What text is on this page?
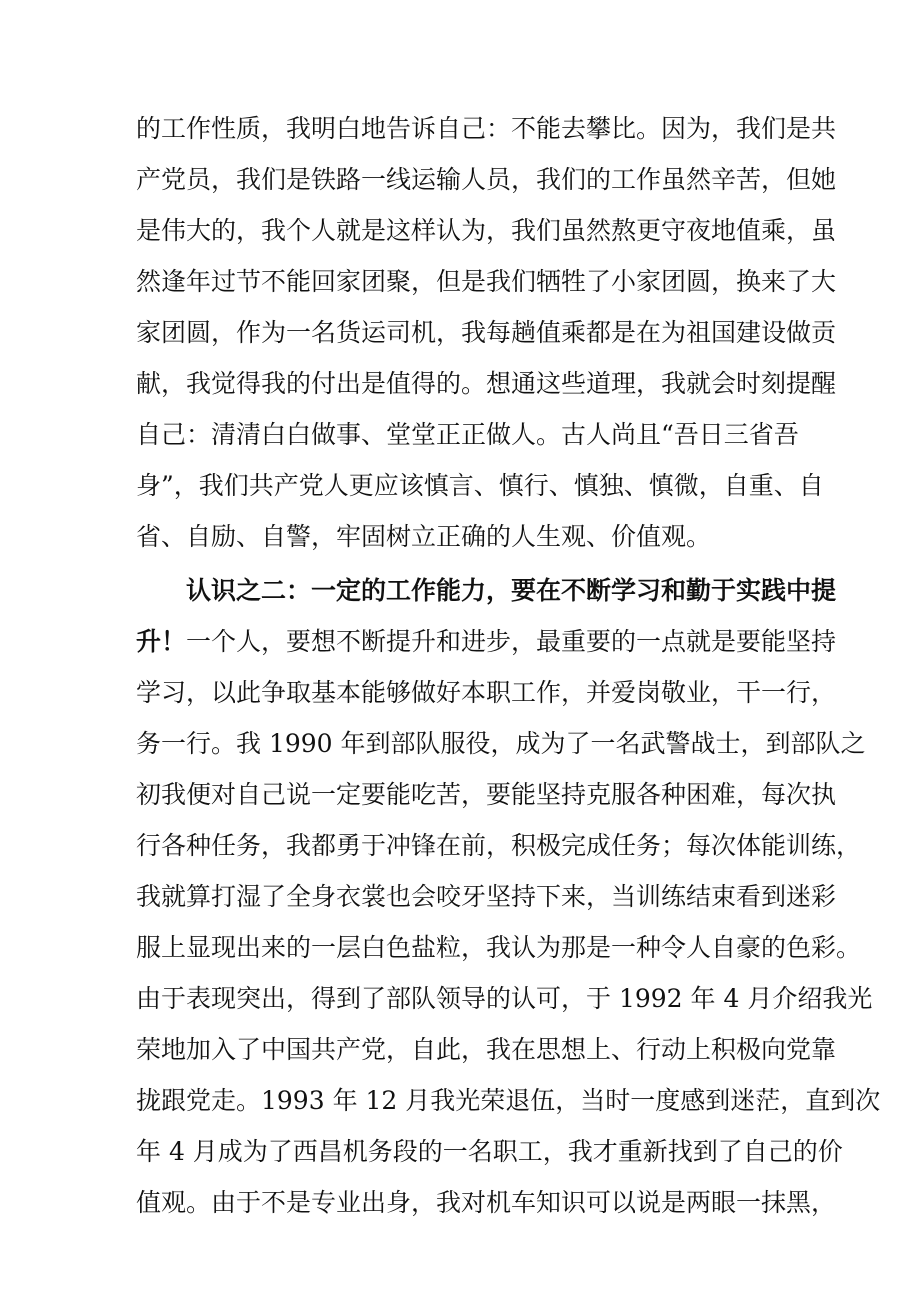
的工作性质，我明白地告诉自己：不能去攀比。因为，我们是共
产党员，我们是铁路一线运输人员，我们的工作虽然辛苦，但她
是伟大的，我个人就是这样认为，我们虽然熬更守夜地值乘，虽
然逢年过节不能回家团聚，但是我们牺牲了小家团圆，换来了大
家团圆，作为一名货运司机，我每趟值乘都是在为祖国建设做贡
献，我觉得我的付出是值得的。想通这些道理，我就会时刻提醒
自己：清清白白做事、堂堂正正做人。古人尚且“吾日三省吾
身”，我们共产党人更应该慎言、慎行、慎独、慎微，自重、自
省、自励、自警，牢固树立正确的人生观、价值观。
认识之二：一定的工作能力，要在不断学习和勤于实践中提
升！一个人，要想不断提升和进步，最重要的一点就是要能坚持
学习，以此争取基本能够做好本职工作，并爱岗敬业，干一行，
务一行。我 1990 年到部队服役，成为了一名武警战士，到部队之
初我便对自己说一定要能吃苦，要能坚持克服各种困难，每次执
行各种任务，我都勇于冲锋在前，积极完成任务；每次体能训练，
我就算打湿了全身衣裳也会咬牙坚持下来，当训练结束看到迷彩
服上显现出来的一层白色盐粒，我认为那是一种令人自豪的色彩。
由于表现突出，得到了部队领导的认可，于 1992 年 4 月介绍我光
荣地加入了中国共产党，自此，我在思想上、行动上积极向党靠
拢跟党走。1993 年 12 月我光荣退伍，当时一度感到迷茫，直到次
年 4 月成为了西昌机务段的一名职工，我才重新找到了自己的价
值观。由于不是专业出身，我对机车知识可以说是两眼一抹黑，
